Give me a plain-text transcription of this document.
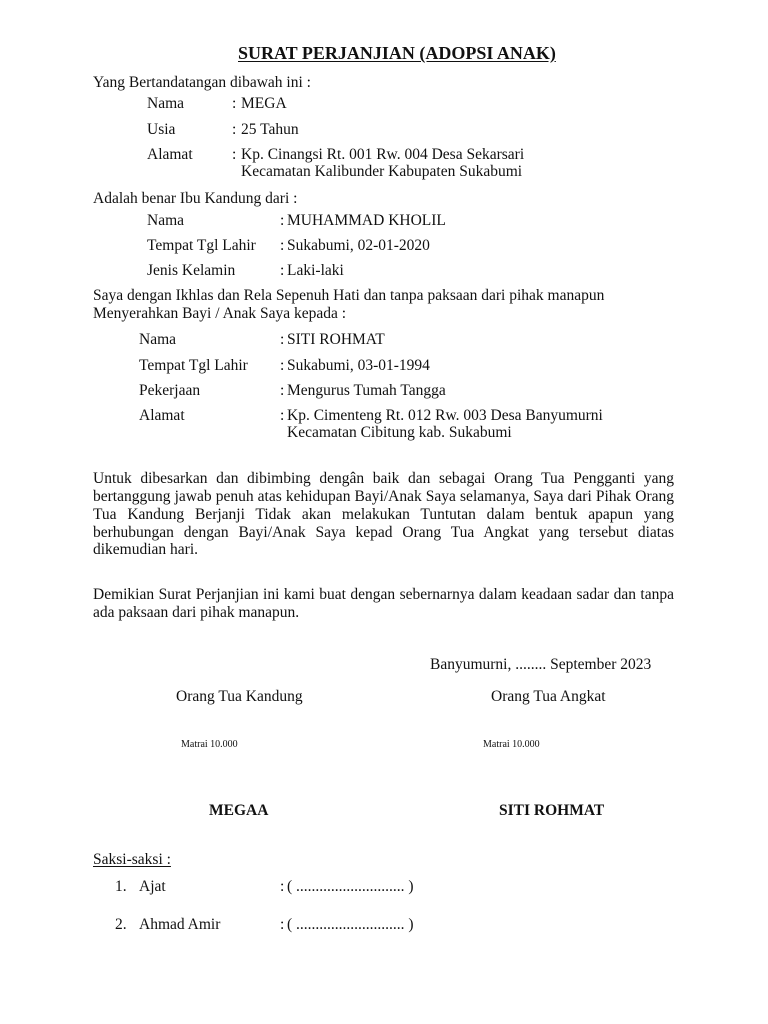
SURAT PERJANJIAN (ADOPSI ANAK)
Yang Bertandatangan dibawah ini :
Nama	: MEGA
Usia	: 25 Tahun
Alamat	: Kp. Cinangsi Rt. 001 Rw. 004 Desa Sekarsari
Kecamatan Kalibunder Kabupaten Sukabumi
Adalah benar Ibu Kandung dari :
Nama	: MUHAMMAD KHOLIL
Tempat Tgl Lahir : Sukabumi, 02-01-2020
Jenis Kelamin	: Laki-laki
Saya dengan Ikhlas dan Rela Sepenuh Hati dan tanpa paksaan dari pihak manapun
Menyerahkan Bayi / Anak Saya kepada :
Nama	: SITI ROHMAT
Tempat Tgl Lahir : Sukabumi, 03-01-1994
Pekerjaan	: Mengurus Tumah Tangga
Alamat	: Kp. Cimenteng Rt. 012 Rw. 003 Desa Banyumurni
Kecamatan Cibitung kab. Sukabumi
Untuk dibesarkan dan dibimbing dengân baik dan sebagai Orang Tua Pengganti yang
bertanggung jawab penuh atas kehidupan Bayi/Anak Saya selamanya, Saya dari Pihak Orang
Tua Kandung Berjanji Tidak akan melakukan Tuntutan dalam bentuk apapun yang
berhubungan dengan Bayi/Anak Saya kepad Orang Tua Angkat yang tersebut diatas
dikemudian hari.
Demikian Surat Perjanjian ini kami buat dengan sebernarnya dalam keadaan sadar dan tanpa
ada paksaan dari pihak manapun.
Banyumurni, ........ September 2023
Orang Tua Kandung	Orang Tua Angkat
Matrai 10.000	Matrai 10.000
MEGAA	SITI ROHMAT
Saksi-saksi :
1. Ajat	: ( ............................ )
2. Ahmad Amir	: ( ............................ )
